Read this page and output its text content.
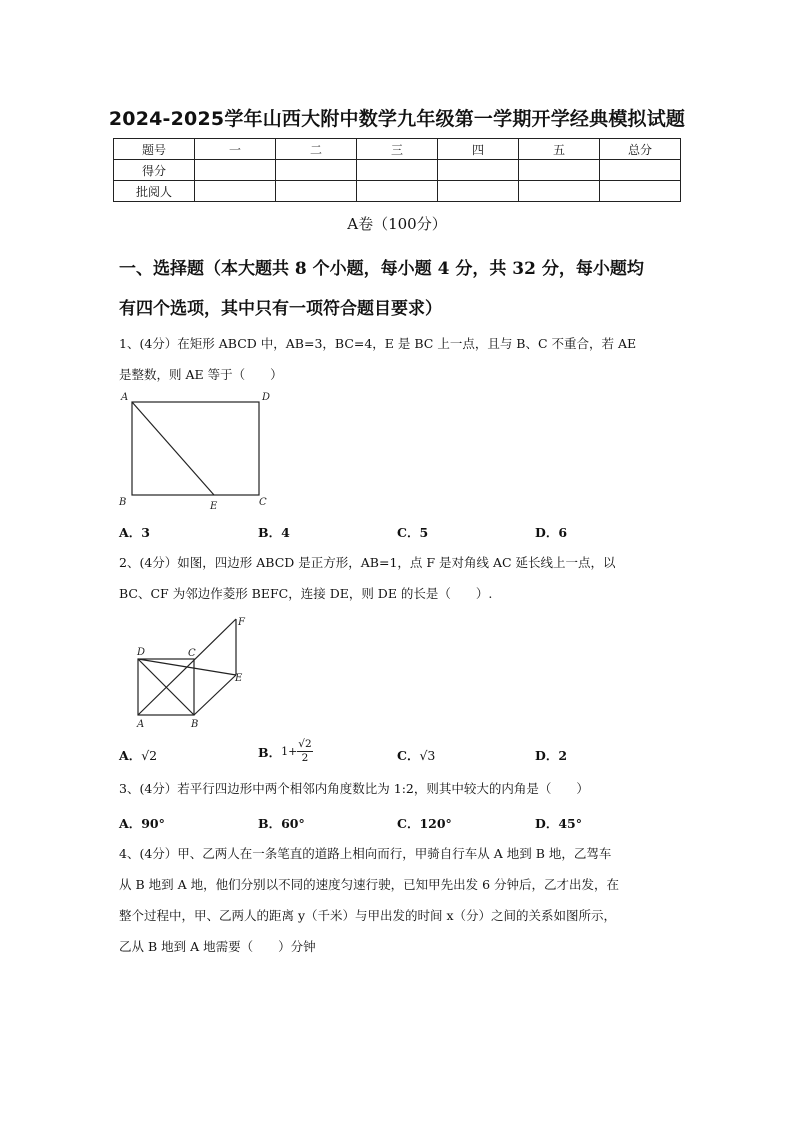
2024-2025学年山西大附中数学九年级第一学期开学经典模拟试题
题号	一	二	三	四	五	总分
得分						
批阅人						
A卷（100分）
一、选择题（本大题共 8 个小题，每小题 4 分，共 32 分，每小题均
有四个选项，其中只有一项符合题目要求）
1、(4分）在矩形 ABCD 中，AB=3，BC=4，E 是 BC 上一点，且与 B、C 不重合，若 AE
是整数，则 AE 等于（　　）
A	D
B	E	C
A．3	B．4	C．5	D．6
2、(4分）如图，四边形 ABCD 是正方形，AB=1，点 F 是对角线 AC 延长线上一点，以
BC、CF 为邻边作菱形 BEFC，连接 DE，则 DE 的长是（　　）.
D	C
F
E
A	B
A．√2	B． $1+ \frac{√2}{2}$	C．√3	D．2
3、(4分）若平行四边形中两个相邻内角度数比为 1:2，则其中较大的内角是（　　）
A．90°	B．60°	C．120°	D．45°
4、(4分）甲、乙两人在一条笔直的道路上相向而行，甲骑自行车从 A 地到 B 地，乙驾车
从 B 地到 A 地，他们分别以不同的速度匀速行驶，已知甲先出发 6 分钟后，乙才出发，在
整个过程中，甲、乙两人的距离 y（千米）与甲出发的时间 x（分）之间的关系如图所示，
乙从 B 地到 A 地需要（　　）分钟
